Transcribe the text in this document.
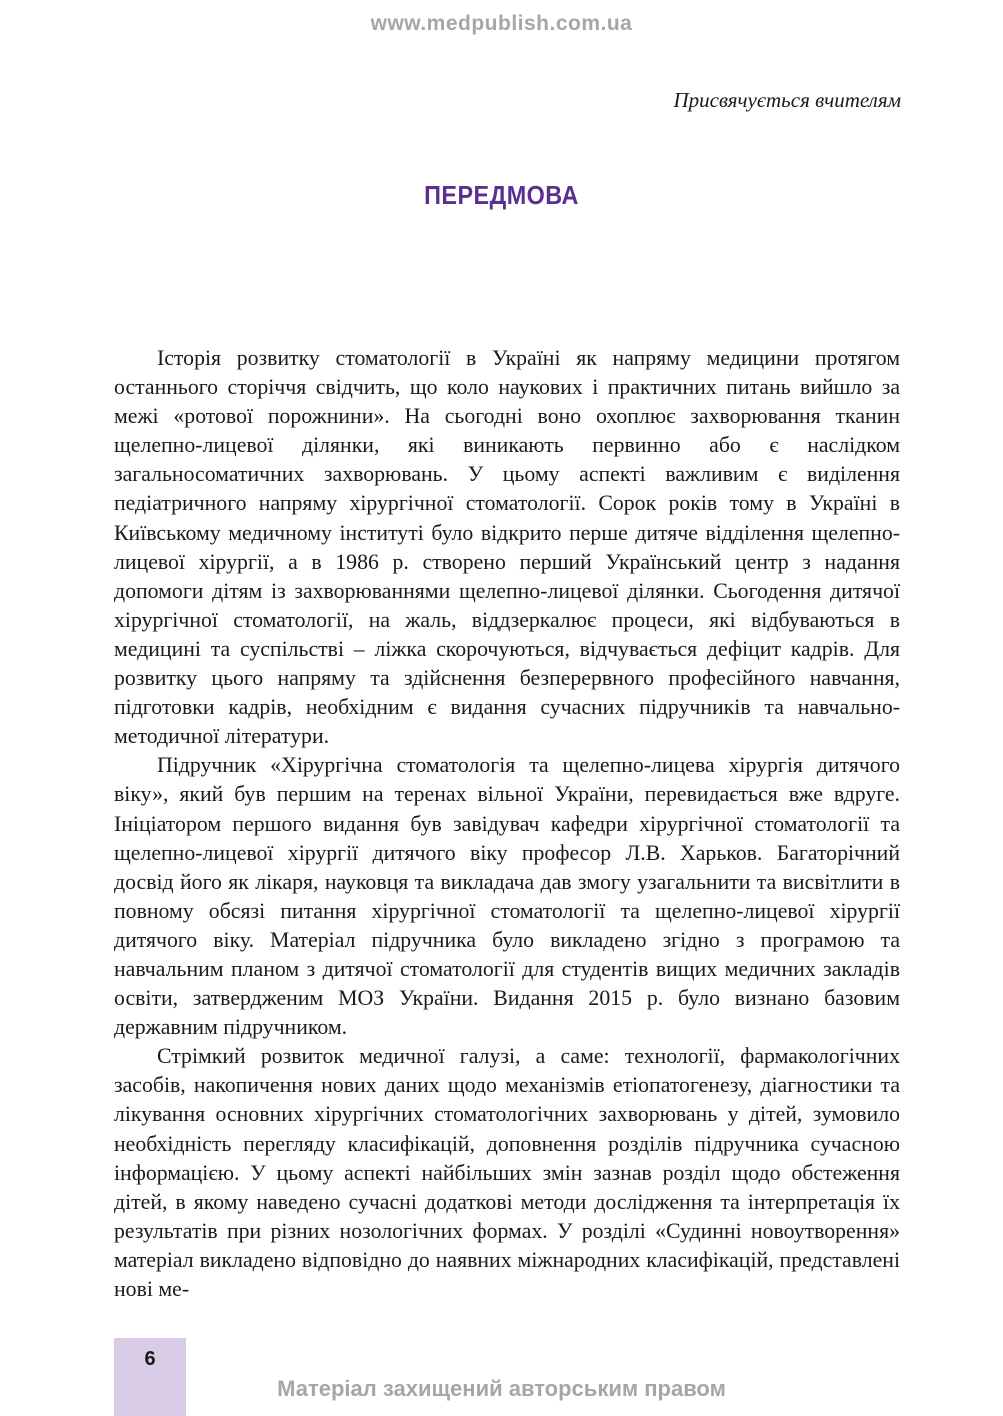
www.medpublish.com.ua
Присвячується вчителям
ПЕРЕДМОВА

Історія розвитку стоматології в Україні як напряму медицини протягом останнього сторіччя свідчить, що коло наукових і практичних питань вийшло за межі «ротової порожнини». На сьогодні воно охоплює захворювання тканин щелепно-лицевої ділянки, які виникають первинно або є наслідком загальносоматичних захворювань. У цьому аспекті важливим є виділення педіатричного напряму хірургічної стоматології. Сорок років тому в Україні в Київському медичному інституті було відкрито перше дитяче відділення щелепно-лицевої хірургії, а в 1986 р. створено перший Український центр з надання допомоги дітям із захворюваннями щелепно-лицевої ділянки. Сьогодення дитячої хірургічної стоматології, на жаль, віддзеркалює процеси, які відбуваються в медицині та суспільстві – ліжка скорочуються, відчувається дефіцит кадрів. Для розвитку цього напряму та здійснення безперервного професійного навчання, підготовки кадрів, необхідним є видання сучасних підручників та навчально-методичної літератури.

Підручник «Хірургічна стоматологія та щелепно-лицева хірургія дитячого віку», який був першим на теренах вільної України, перевидається вже вдруге. Ініціатором першого видання був завідувач кафедри хірургічної стоматології та щелепно-лицевої хірургії дитячого віку професор Л.В. Харьков. Багаторічний досвід його як лікаря, науковця та викладача дав змогу узагальнити та висвітлити в повному обсязі питання хірургічної стоматології та щелепно-лицевої хірургії дитячого віку. Матеріал підручника було викладено згідно з програмою та навчальним планом з дитячої стоматології для студентів вищих медичних закладів освіти, затвердженим МОЗ України. Видання 2015 р. було визнано базовим державним підручником.

Стрімкий розвиток медичної галузі, а саме: технології, фармакологічних засобів, накопичення нових даних щодо механізмів етіопатогенезу, діагностики та лікування основних хірургічних стоматологічних захворювань у дітей, зумовило необхідність перегляду класифікацій, доповнення розділів підручника сучасною інформацією. У цьому аспекті найбільших змін зазнав розділ щодо обстеження дітей, в якому наведено сучасні додаткові методи дослідження та інтерпретація їх результатів при різних нозологічних формах. У розділі «Судинні новоутворення» матеріал викладено відповідно до наявних міжнародних класифікацій, представлені нові ме-

6
Матеріал захищений авторським правом
